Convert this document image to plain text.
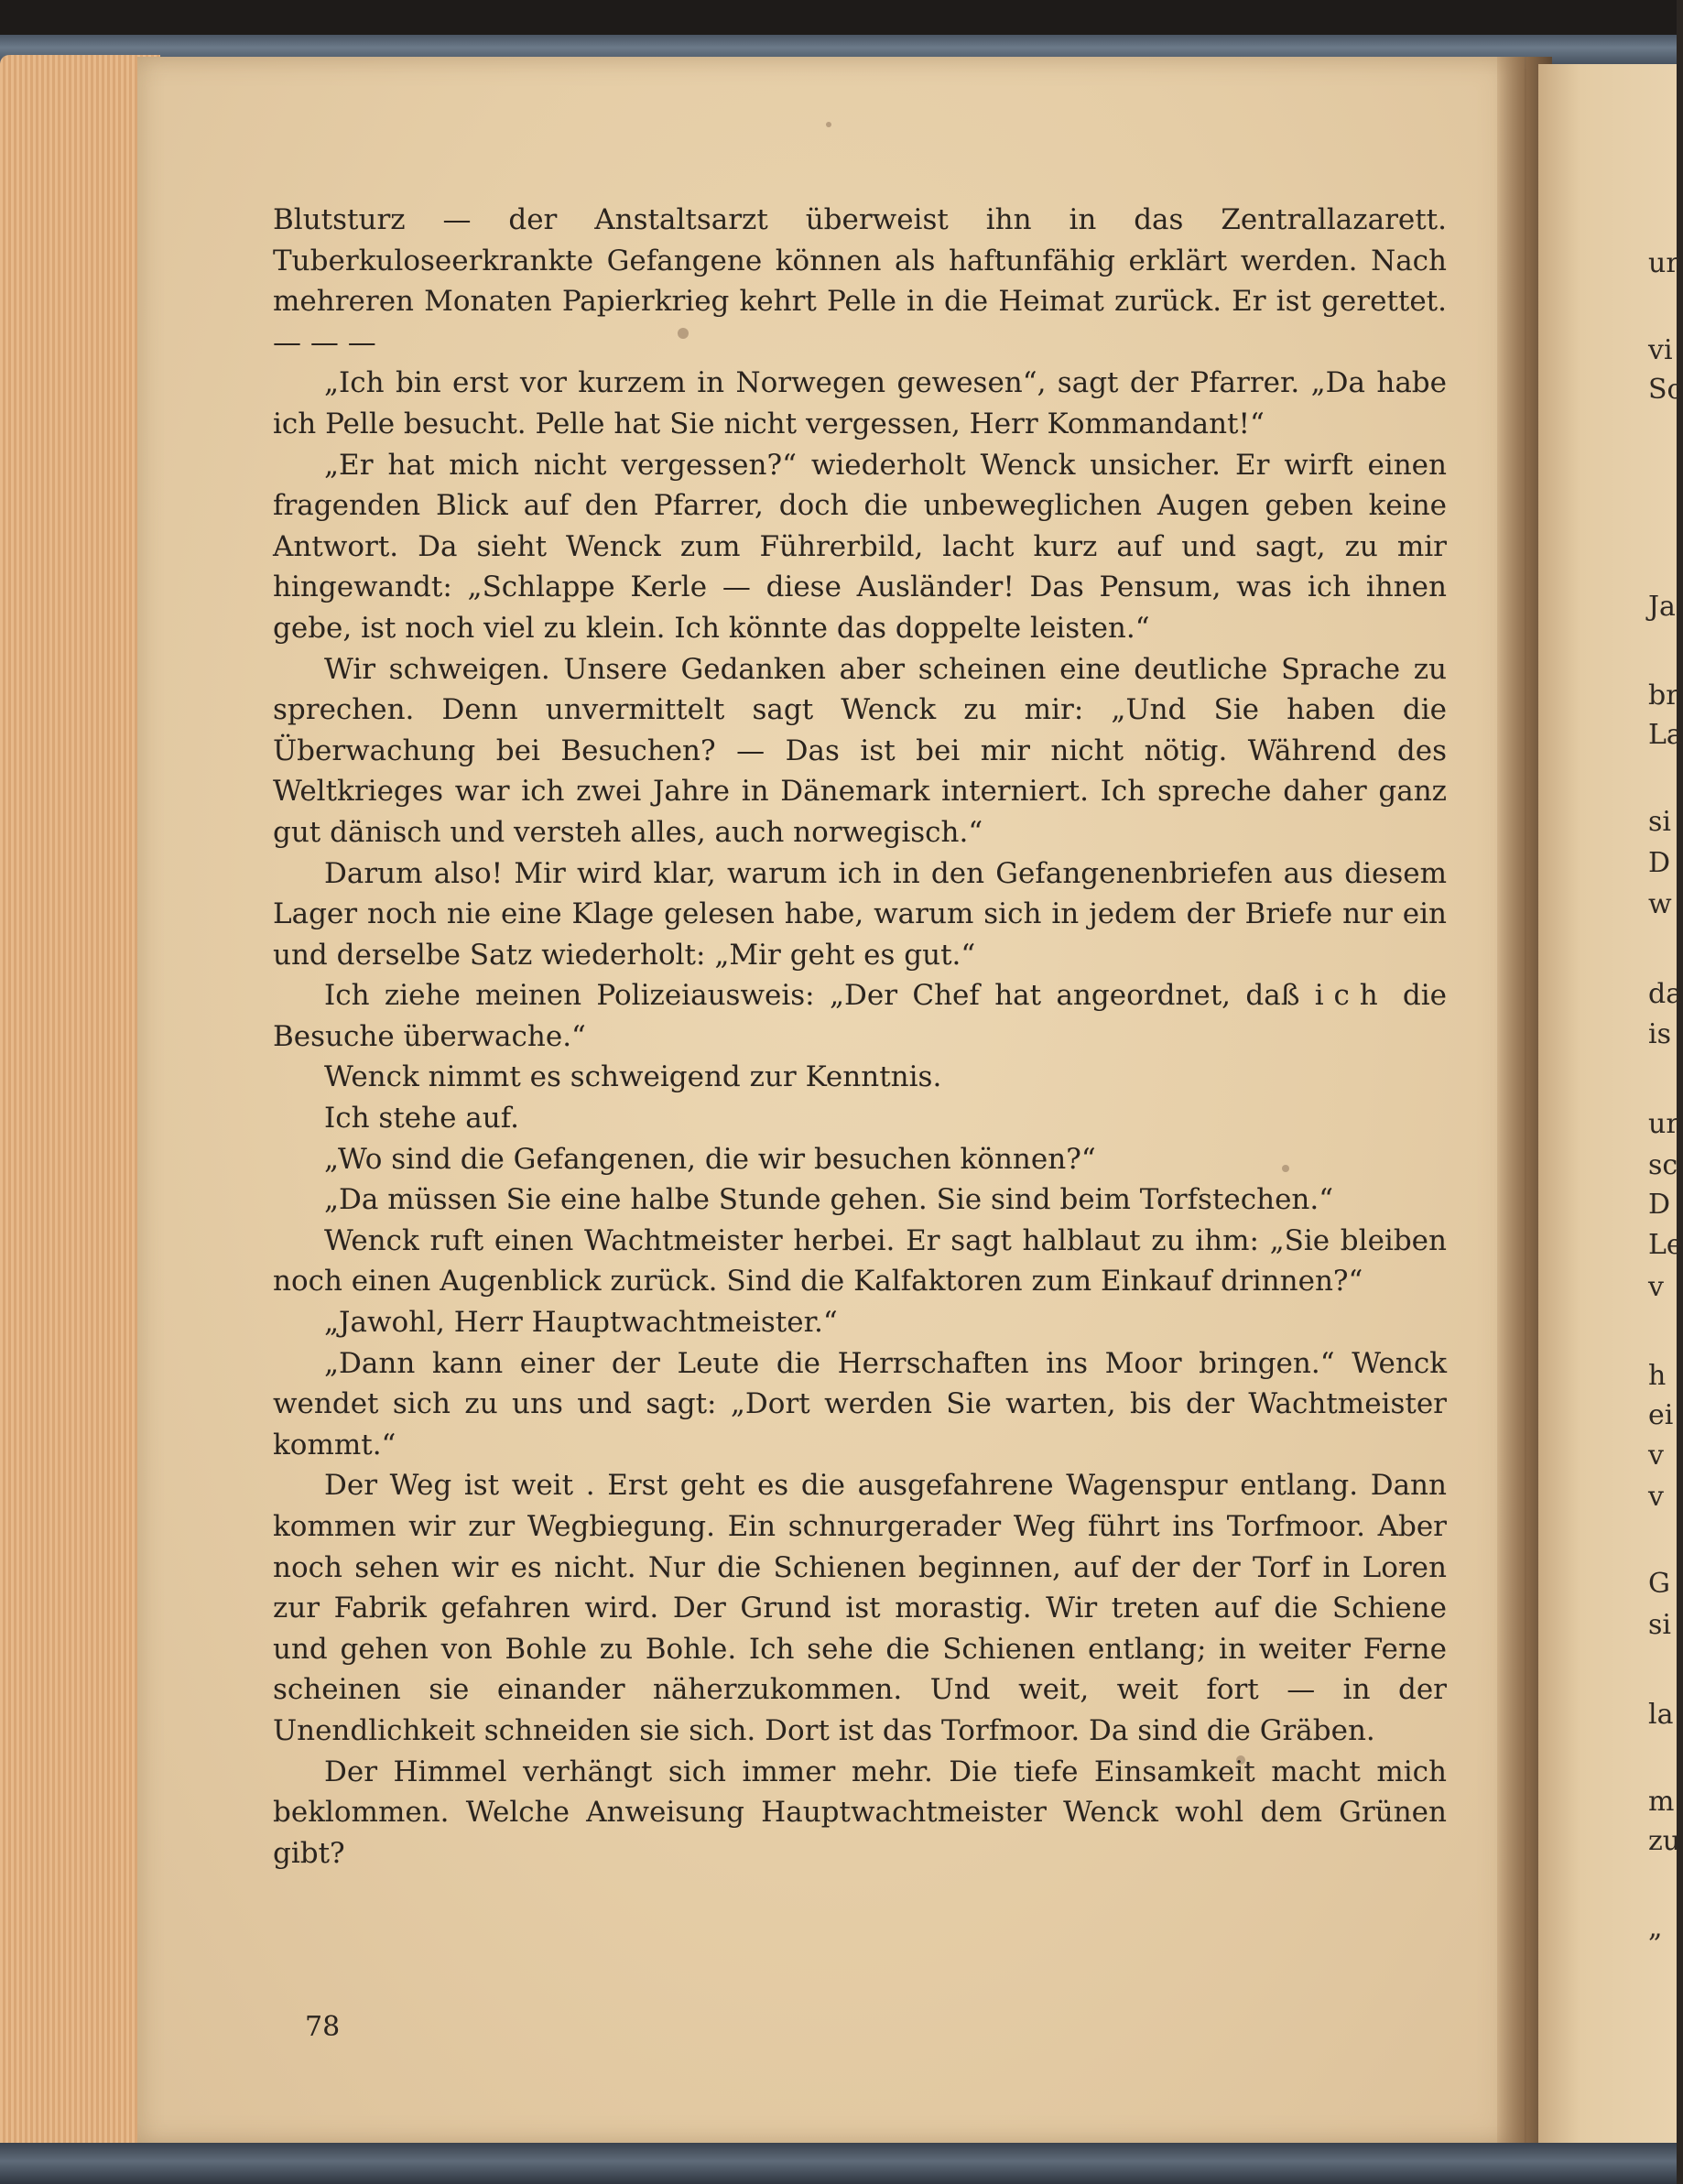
Blutsturz — der Anstaltsarzt überweist ihn in das Zentrallazarett. Tuberkuloseerkrankte Gefangene können als haftunfähig erklärt werden. Nach mehreren Monaten Papierkrieg kehrt Pelle in die Heimat zurück. Er ist gerettet. — — —

„Ich bin erst vor kurzem in Norwegen gewesen“, sagt der Pfarrer. „Da habe ich Pelle besucht. Pelle hat Sie nicht vergessen, Herr Kommandant!“

„Er hat mich nicht vergessen?“ wiederholt Wenck unsicher. Er wirft einen fragenden Blick auf den Pfarrer, doch die unbeweglichen Augen geben keine Antwort. Da sieht Wenck zum Führerbild, lacht kurz auf und sagt, zu mir hingewandt: „Schlappe Kerle — diese Ausländer! Das Pensum, was ich ihnen gebe, ist noch viel zu klein. Ich könnte das doppelte leisten.“

Wir schweigen. Unsere Gedanken aber scheinen eine deutliche Sprache zu sprechen. Denn unvermittelt sagt Wenck zu mir: „Und Sie haben die Überwachung bei Besuchen? — Das ist bei mir nicht nötig. Während des Weltkrieges war ich zwei Jahre in Dänemark interniert. Ich spreche daher ganz gut dänisch und versteh alles, auch norwegisch.“

Darum also! Mir wird klar, warum ich in den Gefangenenbriefen aus diesem Lager noch nie eine Klage gelesen habe, warum sich in jedem der Briefe nur ein und derselbe Satz wiederholt: „Mir geht es gut.“

Ich ziehe meinen Polizeiausweis: „Der Chef hat angeordnet, daß ich die Besuche überwache.“

Wenck nimmt es schweigend zur Kenntnis.

Ich stehe auf.

„Wo sind die Gefangenen, die wir besuchen können?“

„Da müssen Sie eine halbe Stunde gehen. Sie sind beim Torfstechen.“

Wenck ruft einen Wachtmeister herbei. Er sagt halblaut zu ihm: „Sie bleiben noch einen Augenblick zurück. Sind die Kalfaktoren zum Einkauf drinnen?“

„Jawohl, Herr Hauptwachtmeister.“

„Dann kann einer der Leute die Herrschaften ins Moor bringen.“ Wenck wendet sich zu uns und sagt: „Dort werden Sie warten, bis der Wachtmeister kommt.“

Der Weg ist weit . Erst geht es die ausgefahrene Wagenspur entlang. Dann kommen wir zur Wegbiegung. Ein schnurgerader Weg führt ins Torfmoor. Aber noch sehen wir es nicht. Nur die Schienen beginnen, auf der der Torf in Loren zur Fabrik gefahren wird. Der Grund ist morastig. Wir treten auf die Schiene und gehen von Bohle zu Bohle. Ich sehe die Schienen entlang; in weiter Ferne scheinen sie einander näherzukommen. Und weit, weit fort — in der Unendlichkeit schneiden sie sich. Dort ist das Torfmoor. Da sind die Gräben.

Der Himmel verhängt sich immer mehr. Die tiefe Einsamkeit macht mich beklommen. Welche Anweisung Hauptwachtmeister Wenck wohl dem Grünen gibt?

78
ur
vi
Sc
Ja
br
La
si
D
w
da
is
ur
sc
D
Le
v
h
ei
v
v
G
si
la
m
zu
„
